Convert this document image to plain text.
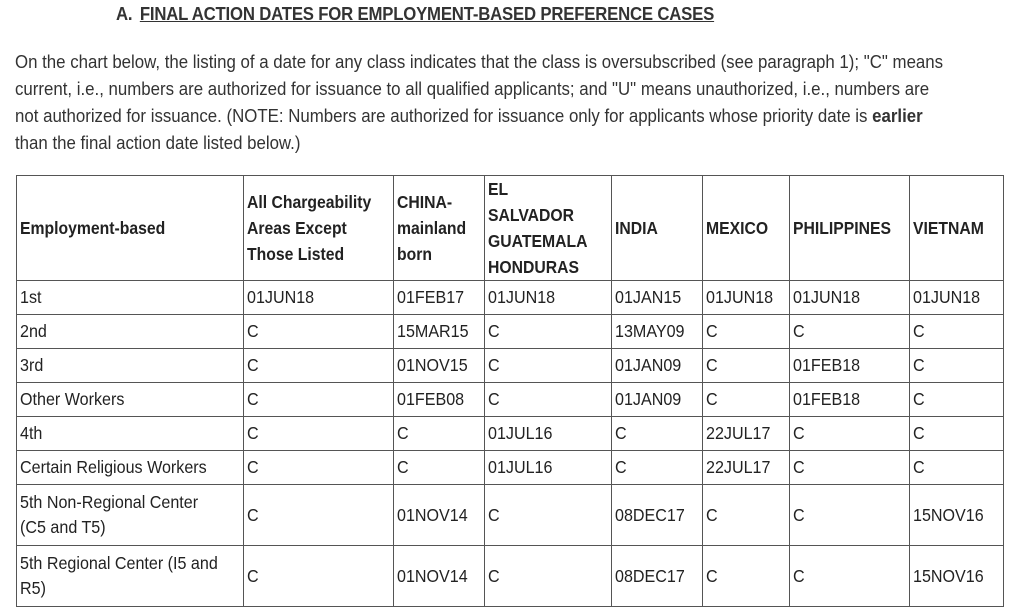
A. FINAL ACTION DATES FOR EMPLOYMENT-BASED PREFERENCE CASES
On the chart below, the listing of a date for any class indicates that the class is oversubscribed (see paragraph 1); "C" means
current, i.e., numbers are authorized for issuance to all qualified applicants; and "U" means unauthorized, i.e., numbers are
not authorized for issuance. (NOTE: Numbers are authorized for issuance only for applicants whose priority date is earlier
than the final action date listed below.)
Employment-based	All Chargeability Areas Except Those Listed	CHINA-mainland born	EL SALVADOR GUATEMALA HONDURAS	INDIA	MEXICO	PHILIPPINES	VIETNAM
1st	01JUN18	01FEB17	01JUN18	01JAN15	01JUN18	01JUN18	01JUN18
2nd	C	15MAR15	C	13MAY09	C	C	C
3rd	C	01NOV15	C	01JAN09	C	01FEB18	C
Other Workers	C	01FEB08	C	01JAN09	C	01FEB18	C
4th	C	C	01JUL16	C	22JUL17	C	C
Certain Religious Workers	C	C	01JUL16	C	22JUL17	C	C
5th Non-Regional Center (C5 and T5)	C	01NOV14	C	08DEC17	C	C	15NOV16
5th Regional Center (I5 and R5)	C	01NOV14	C	08DEC17	C	C	15NOV16
